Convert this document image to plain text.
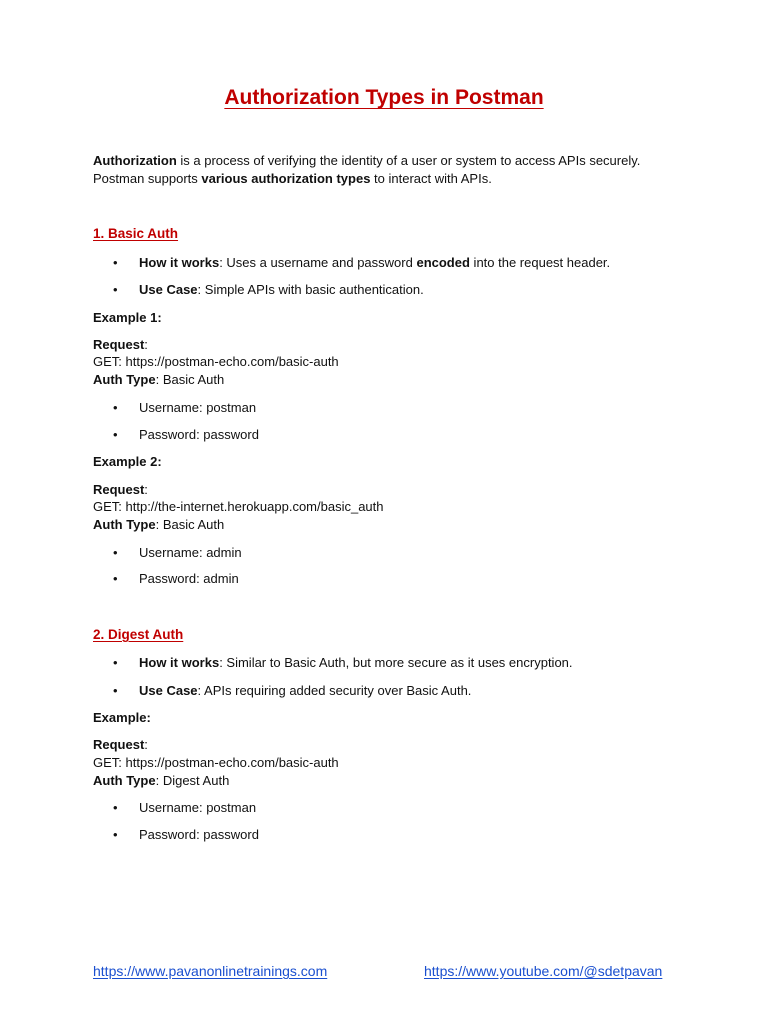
Authorization Types in Postman
Authorization is a process of verifying the identity of a user or system to access APIs securely.
Postman supports various authorization types to interact with APIs.
1. Basic Auth
• How it works: Uses a username and password encoded into the request header.
• Use Case: Simple APIs with basic authentication.
Example 1:
Request:
GET: https://postman-echo.com/basic-auth
Auth Type: Basic Auth
• Username: postman
• Password: password
Example 2:
Request:
GET: http://the-internet.herokuapp.com/basic_auth
Auth Type: Basic Auth
• Username: admin
• Password: admin
2. Digest Auth
• How it works: Similar to Basic Auth, but more secure as it uses encryption.
• Use Case: APIs requiring added security over Basic Auth.
Example:
Request:
GET: https://postman-echo.com/basic-auth
Auth Type: Digest Auth
• Username: postman
• Password: password
https://www.pavanonlinetrainings.com	https://www.youtube.com/@sdetpavan
